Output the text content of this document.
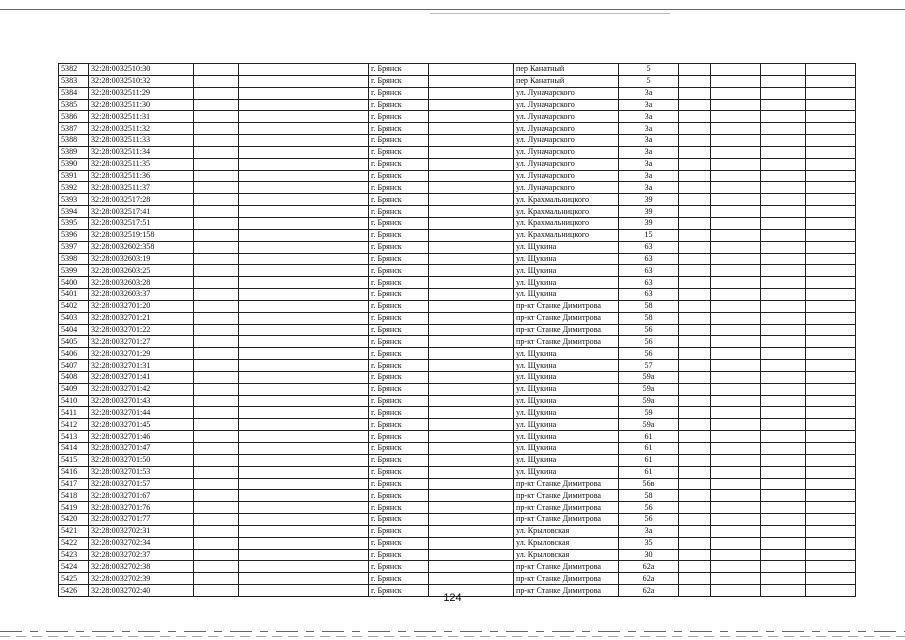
5382	32:28:0032510:30			г. Брянск		пер Канатный	5				
5383	32:28:0032510:32			г. Брянск		пер Канатный	5				
5384	32:28:0032511:29			г. Брянск		ул. Луначарского	3а				
5385	32:28:0032511:30			г. Брянск		ул. Луначарского	3а				
5386	32:28:0032511:31			г. Брянск		ул. Луначарского	3а				
5387	32:28:0032511:32			г. Брянск		ул. Луначарского	3а				
5388	32:28:0032511:33			г. Брянск		ул. Луначарского	3а				
5389	32:28:0032511:34			г. Брянск		ул. Луначарского	3а				
5390	32:28:0032511:35			г. Брянск		ул. Луначарского	3а				
5391	32:28:0032511:36			г. Брянск		ул. Луначарского	3а				
5392	32:28:0032511:37			г. Брянск		ул. Луначарского	3а				
5393	32:28:0032517:28			г. Брянск		ул. Крахмальницкого	39				
5394	32:28:0032517:41			г. Брянск		ул. Крахмальницкого	39				
5395	32:28:0032517:51			г. Брянск		ул. Крахмальницкого	39				
5396	32:28:0032519:158			г. Брянск		ул. Крахмальницкого	15				
5397	32:28:0032602:358			г. Брянск		ул. Щукина	63				
5398	32:28:0032603:19			г. Брянск		ул. Щукина	63				
5399	32:28:0032603:25			г. Брянск		ул. Щукина	63				
5400	32:28:0032603:28			г. Брянск		ул. Щукина	63				
5401	32:28:0032603:37			г. Брянск		ул. Щукина	63				
5402	32:28:0032701:20			г. Брянск		пр-кт Станке Димитрова	58				
5403	32:28:0032701:21			г. Брянск		пр-кт Станке Димитрова	58				
5404	32:28:0032701:22			г. Брянск		пр-кт Станке Димитрова	56				
5405	32:28:0032701:27			г. Брянск		пр-кт Станке Димитрова	56				
5406	32:28:0032701:29			г. Брянск		ул. Щукина	56				
5407	32:28:0032701:31			г. Брянск		ул. Щукина	57				
5408	32:28:0032701:41			г. Брянск		ул. Щукина	59а				
5409	32:28:0032701:42			г. Брянск		ул. Щукина	59а				
5410	32:28:0032701:43			г. Брянск		ул. Щукина	59а				
5411	32:28:0032701:44			г. Брянск		ул. Щукина	59				
5412	32:28:0032701:45			г. Брянск		ул. Щукина	59а				
5413	32:28:0032701:46			г. Брянск		ул. Щукина	61				
5414	32:28:0032701:47			г. Брянск		ул. Щукина	61				
5415	32:28:0032701:50			г. Брянск		ул. Щукина	61				
5416	32:28:0032701:53			г. Брянск		ул. Щукина	61				
5417	32:28:0032701:57			г. Брянск		пр-кт Станке Димитрова	56в				
5418	32:28:0032701:67			г. Брянск		пр-кт Станке Димитрова	58				
5419	32:28:0032701:76			г. Брянск		пр-кт Станке Димитрова	56				
5420	32:28:0032701:77			г. Брянск		пр-кт Станке Димитрова	56				
5421	32:28:0032702:31			г. Брянск		ул. Крыловская	3а				
5422	32:28:0032702:34			г. Брянск		ул. Крыловская	35				
5423	32:28:0032702:37			г. Брянск		ул. Крыловская	30				
5424	32:28:0032702:38			г. Брянск		пр-кт Станке Димитрова	62а				
5425	32:28:0032702:39			г. Брянск		пр-кт Станке Димитрова	62а				
5426	32:28:0032702:40			г. Брянск		пр-кт Станке Димитрова	62а				
124
